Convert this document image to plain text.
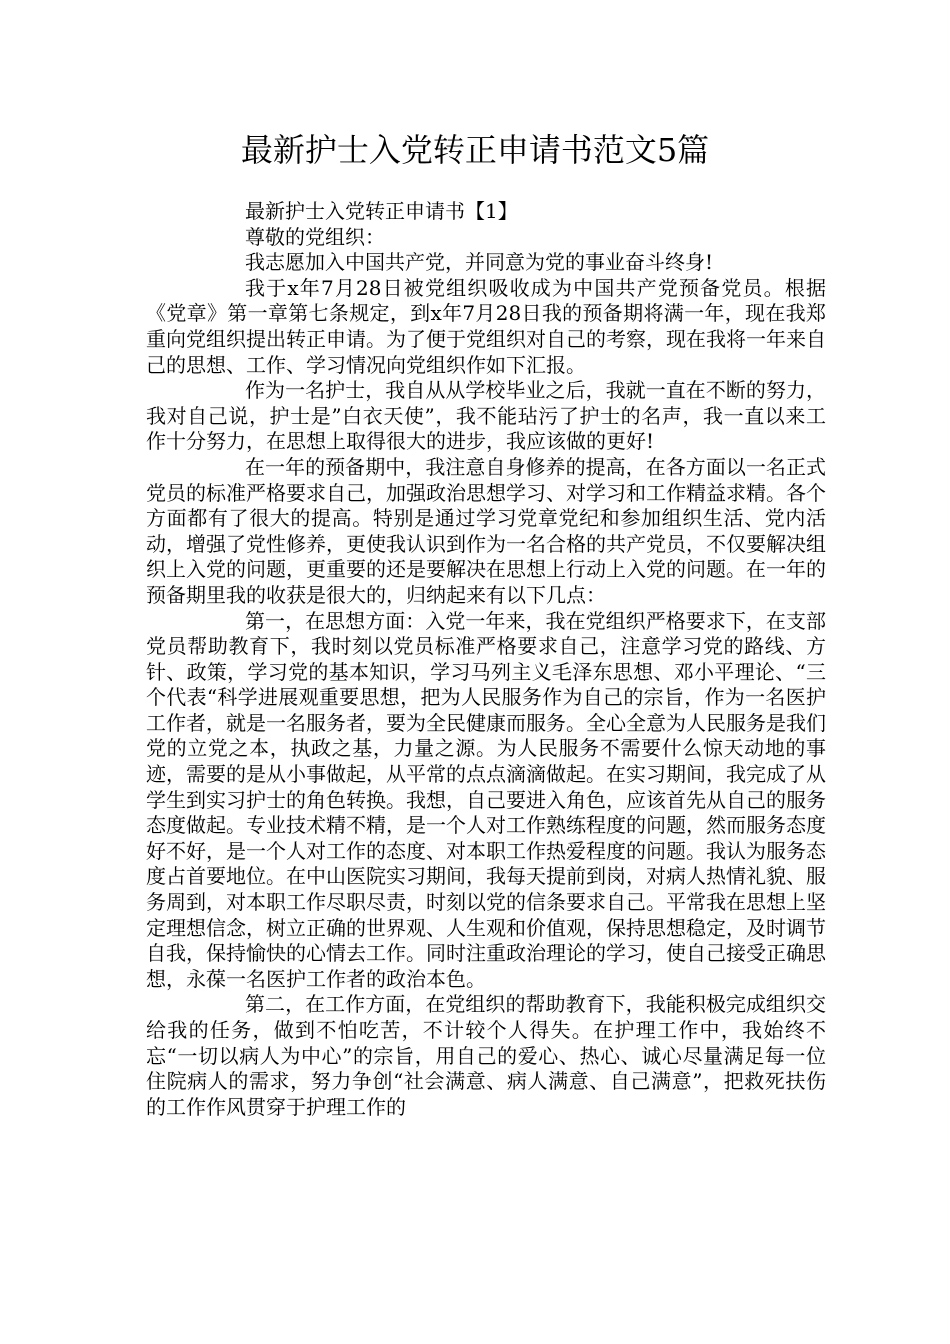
最新护士入党转正申请书范文5篇

最新护士入党转正申请书【1】

尊敬的党组织：

我志愿加入中国共产党，并同意为党的事业奋斗终身!

我于x年7月28日被党组织吸收成为中国共产党预备党员。根据《党章》第一章第七条规定，到x年7月28日我的预备期将满一年，现在我郑重向党组织提出转正申请。为了便于党组织对自己的考察，现在我将一年来自己的思想、工作、学习情况向党组织作如下汇报。

作为一名护士，我自从从学校毕业之后，我就一直在不断的努力，我对自己说，护士是”白衣天使”，我不能玷污了护士的名声，我一直以来工作十分努力，在思想上取得很大的进步，我应该做的更好!

在一年的预备期中，我注意自身修养的提高，在各方面以一名正式党员的标准严格要求自己，加强政治思想学习、对学习和工作精益求精。各个方面都有了很大的提高。特别是通过学习党章党纪和参加组织生活、党内活动，增强了党性修养，更使我认识到作为一名合格的共产党员，不仅要解决组织上入党的问题，更重要的还是要解决在思想上行动上入党的问题。在一年的预备期里我的收获是很大的，归纳起来有以下几点：

第一，在思想方面：入党一年来，我在党组织严格要求下，在支部党员帮助教育下，我时刻以党员标准严格要求自己，注意学习党的路线、方针、政策，学习党的基本知识，学习马列主义毛泽东思想、邓小平理论、“三个代表“科学进展观重要思想，把为人民服务作为自己的宗旨，作为一名医护工作者，就是一名服务者，要为全民健康而服务。全心全意为人民服务是我们党的立党之本，执政之基，力量之源。为人民服务不需要什么惊天动地的事迹，需要的是从小事做起，从平常的点点滴滴做起。在实习期间，我完成了从学生到实习护士的角色转换。我想，自己要进入角色，应该首先从自己的服务态度做起。专业技术精不精，是一个人对工作熟练程度的问题，然而服务态度好不好，是一个人对工作的态度、对本职工作热爱程度的问题。我认为服务态度占首要地位。在中山医院实习期间，我每天提前到岗，对病人热情礼貌、服务周到，对本职工作尽职尽责，时刻以党的信条要求自己。平常我在思想上坚定理想信念，树立正确的世界观、人生观和价值观，保持思想稳定，及时调节自我，保持愉快的心情去工作。同时注重政治理论的学习，使自己接受正确思想，永葆一名医护工作者的政治本色。

第二，在工作方面，在党组织的帮助教育下，我能积极完成组织交给我的任务，做到不怕吃苦，不计较个人得失。在护理工作中，我始终不忘“一切以病人为中心”的宗旨，用自己的爱心、热心、诚心尽量满足每一位住院病人的需求，努力争创“社会满意、病人满意、自己满意”，把救死扶伤的工作作风贯穿于护理工作的
